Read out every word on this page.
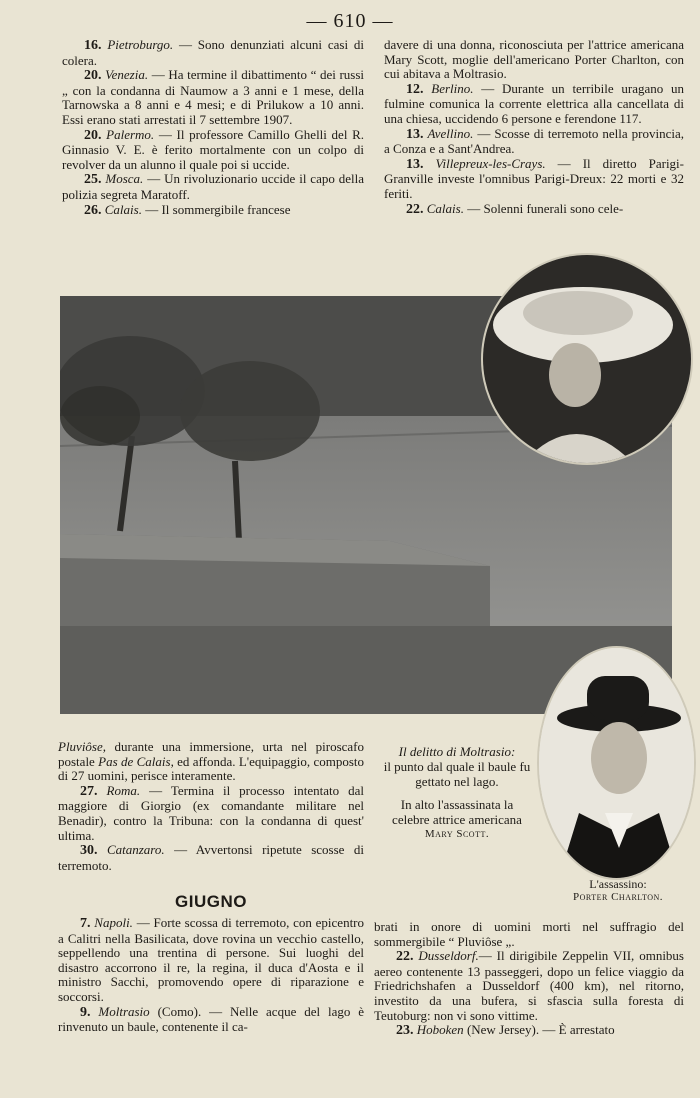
— 610 —

16. Pietroburgo. — Sono denunziati alcuni casi di colera.

20. Venezia. — Ha termine il dibattimento “ dei russi „ con la condanna di Naumow a 3 anni e 1 mese, della Tarnowska a 8 anni e 4 mesi; e di Prilukow a 10 anni. Essi erano stati arrestati il 7 settembre 1907.

20. Palermo. — Il professore Camillo Ghelli del R. Ginnasio V. E. è ferito mortalmente con un colpo di revolver da un alunno il quale poi si uccide.

25. Mosca. — Un rivoluzionario uccide il capo della polizia segreta Maratoff.

26. Calais. — Il sommergibile francese

davere di una donna, riconosciuta per l'attrice americana Mary Scott, moglie dell'americano Porter Charlton, con cui abitava a Moltrasio.

12. Berlino. — Durante un terribile uragano un fulmine comunica la corrente elettrica alla cancellata di una chiesa, uccidendo 6 persone e ferendone 117.

13. Avellino. — Scosse di terremoto nella provincia, a Conza e a Sant'Andrea.

13. Villepreux-les-Crays. — Il diretto Parigi-Granville investe l'omnibus Parigi-Dreux: 22 morti e 32 feriti.

22. Calais. — Solenni funerali sono cele-

Il delitto di Moltrasio:
il punto dal quale il baule fu gettato nel lago.
In alto l'assassinata la celebre attrice americana
Mary Scott.
L'assassino:
Porter Charlton.

Pluviôse, durante una immersione, urta nel piroscafo postale Pas de Calais, ed affonda. L'equipaggio, composto di 27 uomini, perisce interamente.

27. Roma. — Termina il processo intentato dal maggiore di Giorgio (ex comandante militare nel Benadir), contro la Tribuna: con la condanna di quest' ultima.

30. Catanzaro. — Avvertonsi ripetute scosse di terremoto.

GIUGNO

7. Napoli. — Forte scossa di terremoto, con epicentro a Calitri nella Basilicata, dove rovina un vecchio castello, seppellendo una trentina di persone. Sui luoghi del disastro accorrono il re, la regina, il duca d'Aosta e il ministro Sacchi, promovendo opere di riparazione e soccorsi.

9. Moltrasio (Como). — Nelle acque del lago è rinvenuto un baule, contenente il ca-

brati in onore di uomini morti nel suffragio del sommergibile “ Pluviôse „.

22. Dusseldorf.— Il dirigibile Zeppelin VII, omnibus aereo contenente 13 passeggeri, dopo un felice viaggio da Friedrichshafen a Dusseldorf (400 km), nel ritorno, investito da una bufera, si sfascia sulla foresta di Teutoburg: non vi sono vittime.

23. Hoboken (New Jersey). — È arrestato
